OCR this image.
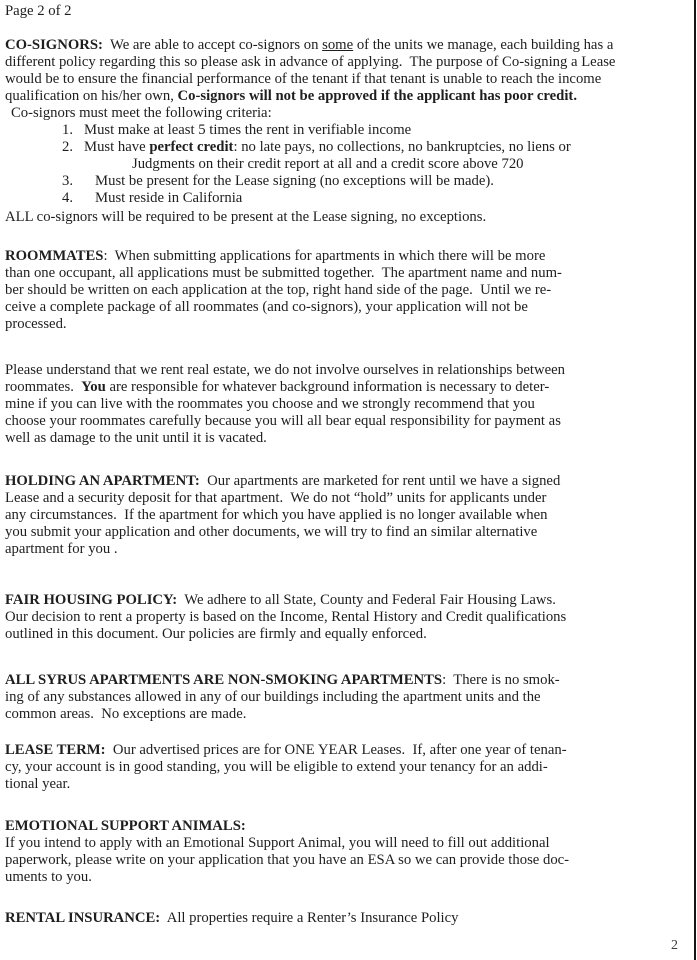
Page 2 of 2
CO-SIGNORS:  We are able to accept co-signors on some of the units we manage, each building has a
different policy regarding this so please ask in advance of applying.  The purpose of Co-signing a Lease
would be to ensure the financial performance of the tenant if that tenant is unable to reach the income
qualification on his/her own, Co-signors will not be approved if the applicant has poor credit.
Co-signors must meet the following criteria:
1.   Must make at least 5 times the rent in verifiable income
2.   Must have perfect credit: no late pays, no collections, no bankruptcies, no liens or
Judgments on their credit report at all and a credit score above 720
3.      Must be present for the Lease signing (no exceptions will be made).
4.      Must reside in California
ALL co-signors will be required to be present at the Lease signing, no exceptions.
ROOMMATES:  When submitting applications for apartments in which there will be more
than one occupant, all applications must be submitted together.  The apartment name and num-
ber should be written on each application at the top, right hand side of the page.  Until we re-
ceive a complete package of all roommates (and co-signors), your application will not be
processed.
Please understand that we rent real estate, we do not involve ourselves in relationships between
roommates.  You are responsible for whatever background information is necessary to deter-
mine if you can live with the roommates you choose and we strongly recommend that you
choose your roommates carefully because you will all bear equal responsibility for payment as
well as damage to the unit until it is vacated.
HOLDING AN APARTMENT:  Our apartments are marketed for rent until we have a signed
Lease and a security deposit for that apartment.  We do not “hold” units for applicants under
any circumstances.  If the apartment for which you have applied is no longer available when
you submit your application and other documents, we will try to find an similar alternative
apartment for you .
FAIR HOUSING POLICY:  We adhere to all State, County and Federal Fair Housing Laws.
Our decision to rent a property is based on the Income, Rental History and Credit qualifications
outlined in this document. Our policies are firmly and equally enforced.
ALL SYRUS APARTMENTS ARE NON-SMOKING APARTMENTS:  There is no smok-
ing of any substances allowed in any of our buildings including the apartment units and the
common areas.  No exceptions are made.
LEASE TERM:  Our advertised prices are for ONE YEAR Leases.  If, after one year of tenan-
cy, your account is in good standing, you will be eligible to extend your tenancy for an addi-
tional year.
EMOTIONAL SUPPORT ANIMALS:
If you intend to apply with an Emotional Support Animal, you will need to fill out additional
paperwork, please write on your application that you have an ESA so we can provide those doc-
uments to you.
RENTAL INSURANCE:  All properties require a Renter’s Insurance Policy
2
